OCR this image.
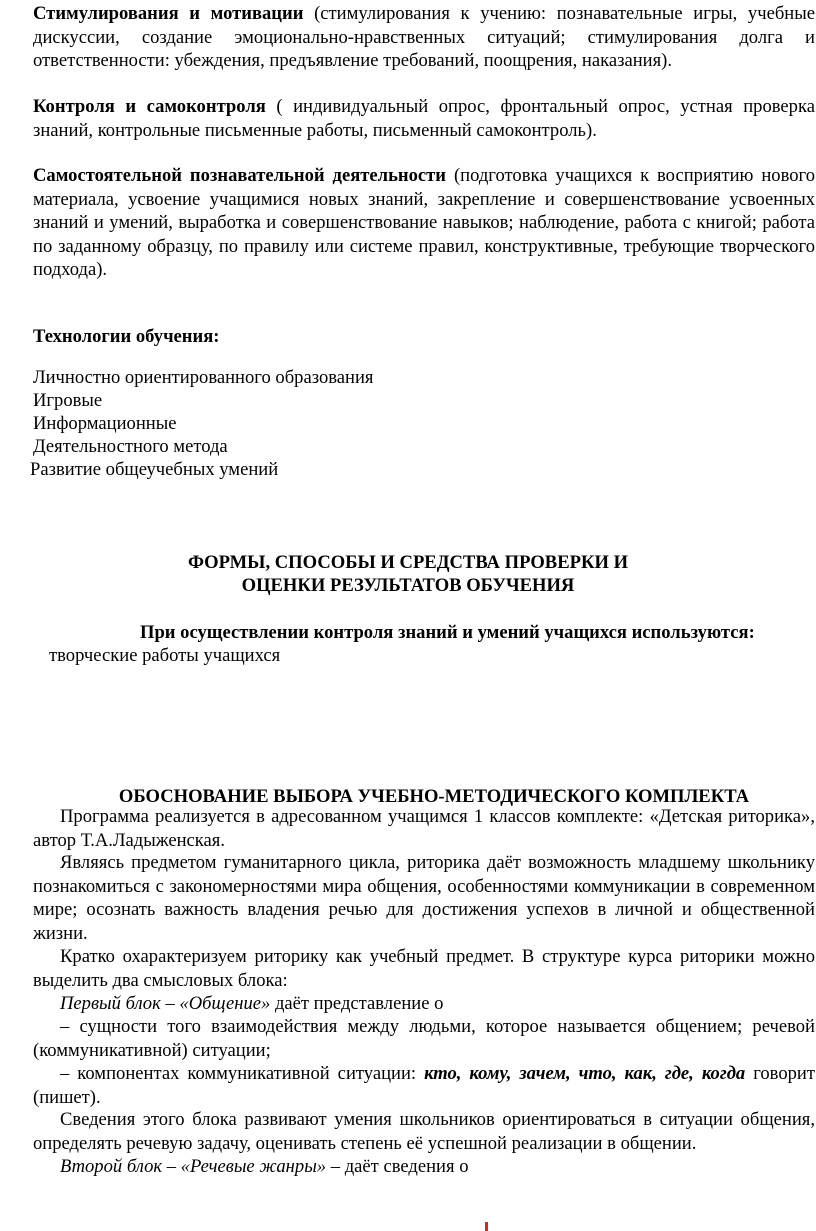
Стимулирования и мотивации (стимулирования к учению: познавательные игры, учебные дискуссии, создание эмоционально-нравственных ситуаций; стимулирования долга и ответственности: убеждения, предъявление требований, поощрения, наказания).

Контроля и самоконтроля ( индивидуальный опрос, фронтальный опрос, устная проверка знаний, контрольные письменные работы, письменный самоконтроль).

Самостоятельной познавательной деятельности (подготовка учащихся к восприятию нового материала, усвоение учащимися новых знаний, закрепление и совершенствование усвоенных знаний и умений, выработка и совершенствование навыков; наблюдение, работа с книгой; работа по заданному образцу, по правилу или системе правил, конструктивные, требующие творческого подхода).

Технологии обучения:
Личностно ориентированного образования
Игровые
Информационные
Деятельностного метода
Развитие общеучебных умений
ФОРМЫ, СПОСОБЫ И СРЕДСТВА ПРОВЕРКИ И
ОЦЕНКИ РЕЗУЛЬТАТОВ ОБУЧЕНИЯ
При осуществлении контроля знаний и умений учащихся используются:
творческие работы учащихся
ОБОСНОВАНИЕ ВЫБОРА УЧЕБНО-МЕТОДИЧЕСКОГО КОМПЛЕКТА

Программа реализуется в адресованном учащимся 1 классов комплекте: «Детская риторика», автор Т.А.Ладыженская.

Являясь предметом гуманитарного цикла, риторика даёт возможность младшему школьнику познакомиться с закономерностями мира общения, особенностями коммуникации в современном мире; осознать важность владения речью для достижения успехов в личной и общественной жизни.

Кратко охарактеризуем риторику как учебный предмет. В структуре курса риторики можно выделить два смысловых блока:

Первый блок – «Общение» даёт представление о

– сущности того взаимодействия между людьми, которое называется общением; речевой (коммуникативной) ситуации;

– компонентах коммуникативной ситуации: кто, кому, зачем, что, как, где, когда говорит (пишет).

Сведения этого блока развивают умения школьников ориентироваться в ситуации общения, определять речевую задачу, оценивать степень её успешной реализации в общении.

Второй блок – «Речевые жанры» – даёт сведения о
